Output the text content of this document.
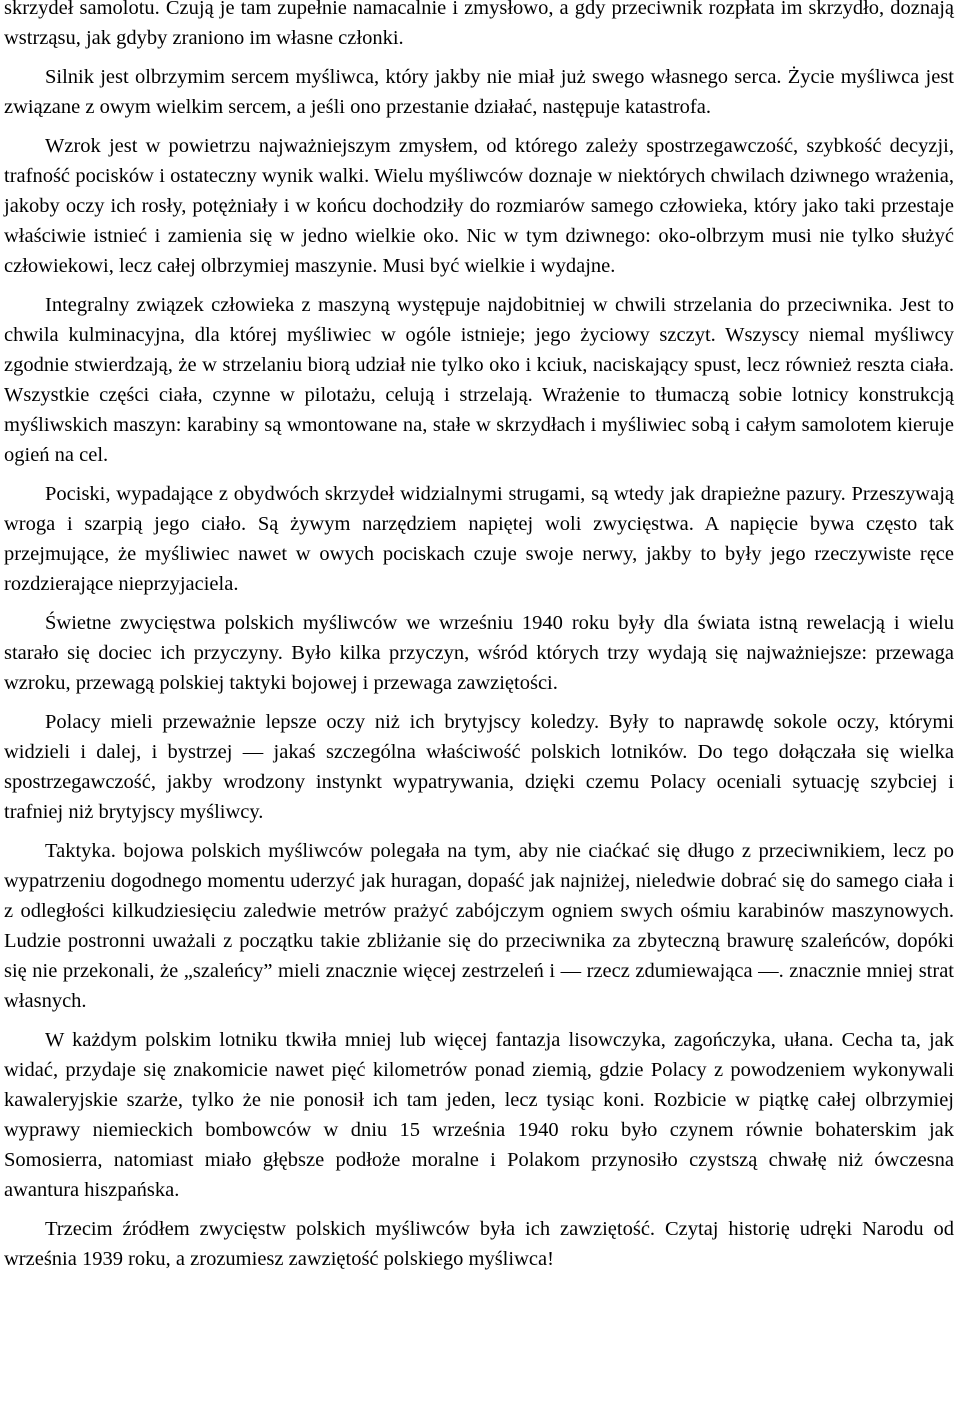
skrzydeł samolotu. Czują je tam zupełnie namacalnie i zmysłowo, a gdy przeciwnik rozpłata im skrzydło, doznają wstrząsu, jak gdyby zraniono im własne członki.

Silnik jest olbrzymim sercem myśliwca, który jakby nie miał już swego własnego serca. Życie myśliwca jest związane z owym wielkim sercem, a jeśli ono przestanie działać, następuje katastrofa.

Wzrok jest w powietrzu najważniejszym zmysłem, od którego zależy spostrzegawczość, szybkość decyzji, trafność pocisków i ostateczny wynik walki. Wielu myśliwców doznaje w niektórych chwilach dziwnego wrażenia, jakoby oczy ich rosły, potężniały i w końcu dochodziły do rozmiarów samego człowieka, który jako taki przestaje właściwie istnieć i zamienia się w jedno wielkie oko. Nic w tym dziwnego: oko-olbrzym musi nie tylko służyć człowiekowi, lecz całej olbrzymiej maszynie. Musi być wielkie i wydajne.

Integralny związek człowieka z maszyną występuje najdobitniej w chwili strzelania do przeciwnika. Jest to chwila kulminacyjna, dla której myśliwiec w ogóle istnieje; jego życiowy szczyt. Wszyscy niemal myśliwcy zgodnie stwierdzają, że w strzelaniu biorą udział nie tylko oko i kciuk, naciskający spust, lecz również reszta ciała. Wszystkie części ciała, czynne w pilotażu, celują i strzelają. Wrażenie to tłumaczą sobie lotnicy konstrukcją myśliwskich maszyn: karabiny są wmontowane na, stałe w skrzydłach i myśliwiec sobą i całym samolotem kieruje ogień na cel.

Pociski, wypadające z obydwóch skrzydeł widzialnymi strugami, są wtedy jak drapieżne pazury. Przeszywają wroga i szarpią jego ciało. Są żywym narzędziem napiętej woli zwycięstwa. A napięcie bywa często tak przejmujące, że myśliwiec nawet w owych pociskach czuje swoje nerwy, jakby to były jego rzeczywiste ręce rozdzierające nieprzyjaciela.

Świetne zwycięstwa polskich myśliwców we wrześniu 1940 roku były dla świata istną rewelacją i wielu starało się dociec ich przyczyny. Było kilka przyczyn, wśród których trzy wydają się najważniejsze: przewaga wzroku, przewagą polskiej taktyki bojowej i przewaga zawziętości.

Polacy mieli przeważnie lepsze oczy niż ich brytyjscy koledzy. Były to naprawdę sokole oczy, którymi widzieli i dalej, i bystrzej — jakaś szczególna właściwość polskich lotników. Do tego dołączała się wielka spostrzegawczość, jakby wrodzony instynkt wypatrywania, dzięki czemu Polacy oceniali sytuację szybciej i trafniej niż brytyjscy myśliwcy.

Taktyka. bojowa polskich myśliwców polegała na tym, aby nie ciaćkać się długo z przeciwnikiem, lecz po wypatrzeniu dogodnego momentu uderzyć jak huragan, dopaść jak najniżej, nieledwie dobrać się do samego ciała i z odległości kilkudziesięciu zaledwie metrów prażyć zabójczym ogniem swych ośmiu karabinów maszynowych. Ludzie postronni uważali z początku takie zbliżanie się do przeciwnika za zbyteczną brawurę szaleńców, dopóki się nie przekonali, że „szaleńcy” mieli znacznie więcej zestrzeleń i — rzecz zdumiewająca —. znacznie mniej strat własnych.

W każdym polskim lotniku tkwiła mniej lub więcej fantazja lisowczyka, zagończyka, ułana. Cecha ta, jak widać, przydaje się znakomicie nawet pięć kilometrów ponad ziemią, gdzie Polacy z powodzeniem wykonywali kawaleryjskie szarże, tylko że nie ponosił ich tam jeden, lecz tysiąc koni. Rozbicie w piątkę całej olbrzymiej wyprawy niemieckich bombowców w dniu 15 września 1940 roku było czynem równie bohaterskim jak Somosierra, natomiast miało głębsze podłoże moralne i Polakom przynosiło czystszą chwałę niż ówczesna awantura hiszpańska.

Trzecim źródłem zwycięstw polskich myśliwców była ich zawziętość. Czytaj historię udręki Narodu od września 1939 roku, a zrozumiesz zawziętość polskiego myśliwca!
